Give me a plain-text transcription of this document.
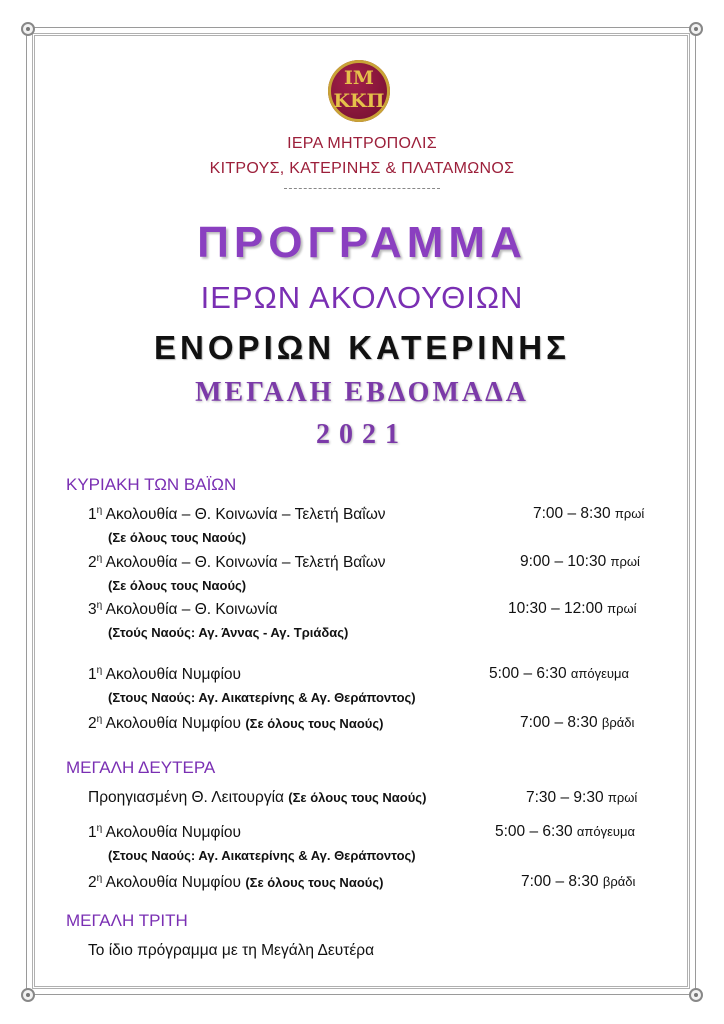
ΙΜ
ΚΚΠ
ΙΕΡΑ ΜΗΤΡΟΠΟΛΙΣ
ΚΙΤΡΟΥΣ, ΚΑΤΕΡΙΝΗΣ & ΠΛΑΤΑΜΩΝΟΣ
ΠΡΟΓΡΑΜΜΑ
ΙΕΡΩΝ ΑΚΟΛΟΥΘΙΩΝ
ΕΝΟΡΙΩΝ ΚΑΤΕΡΙΝΗΣ
ΜΕΓΑΛΗ ΕΒΔΟΜΑΔΑ
2021
ΚΥΡΙΑΚΗ ΤΩΝ ΒΑΪΩΝ
$1^\eta$ Ακολουθία – Θ. Κοινωνία – Τελετή Βαΐων	7:00 – 8:30 πρωί
(Σε όλους τους Ναούς)
$2^\eta$ Ακολουθία – Θ. Κοινωνία – Τελετή Βαΐων	9:00 – 10:30 πρωί
(Σε όλους τους Ναούς)
$3^\eta$ Ακολουθία – Θ. Κοινωνία	10:30 – 12:00 πρωί
(Στούς Ναούς: Αγ. Άννας - Αγ. Τριάδας)
$1^\eta$ Ακολουθία Νυμφίου	5:00 – 6:30 απόγευμα
(Στους Ναούς: Αγ. Αικατερίνης & Αγ. Θεράποντος)
$2^\eta$ Ακολουθία Νυμφίου (Σε όλους τους Ναούς)	7:00 – 8:30 βράδι
ΜΕΓΑΛΗ ΔΕΥΤΕΡΑ
Προηγιασμένη Θ. Λειτουργία (Σε όλους τους Ναούς)	7:30 – 9:30 πρωί
$1^\eta$ Ακολουθία Νυμφίου	5:00 – 6:30 απόγευμα
(Στους Ναούς: Αγ. Αικατερίνης & Αγ. Θεράποντος)
$2^\eta$ Ακολουθία Νυμφίου (Σε όλους τους Ναούς)	7:00 – 8:30 βράδι
ΜΕΓΑΛΗ ΤΡΙΤΗ
Το ίδιο πρόγραμμα με τη Μεγάλη Δευτέρα
